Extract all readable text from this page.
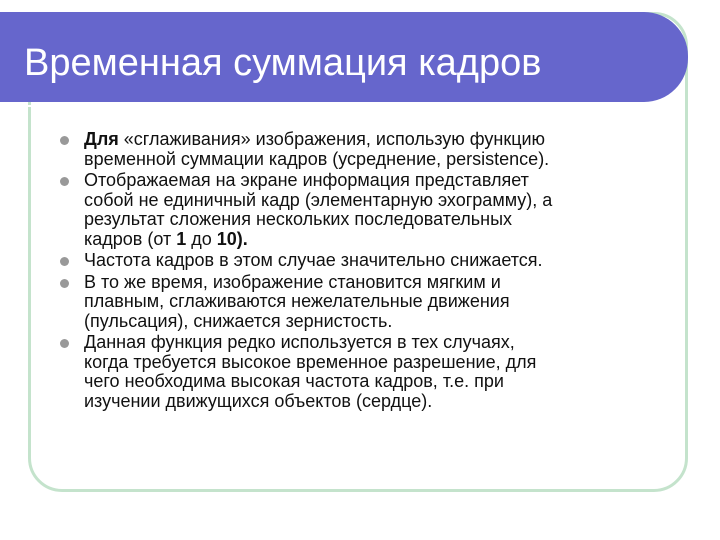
Временная суммация кадров
Для «сглаживания» изображения, использую функцию
временной суммации кадров (усреднение, persistence).
Отображаемая на экране информация представляет
собой не единичный кадр (элементарную эхограмму), а
результат сложения нескольких последовательных
кадров (от 1 до 10).
Частота кадров в этом случае значительно снижается.
В то же время, изображение становится мягким и
плавным, сглаживаются нежелательные движения
(пульсация), снижается зернистость.
Данная функция редко используется в тех случаях,
когда требуется высокое временное разрешение, для
чего необходима высокая частота кадров, т.е. при
изучении движущихся объектов (сердце).
